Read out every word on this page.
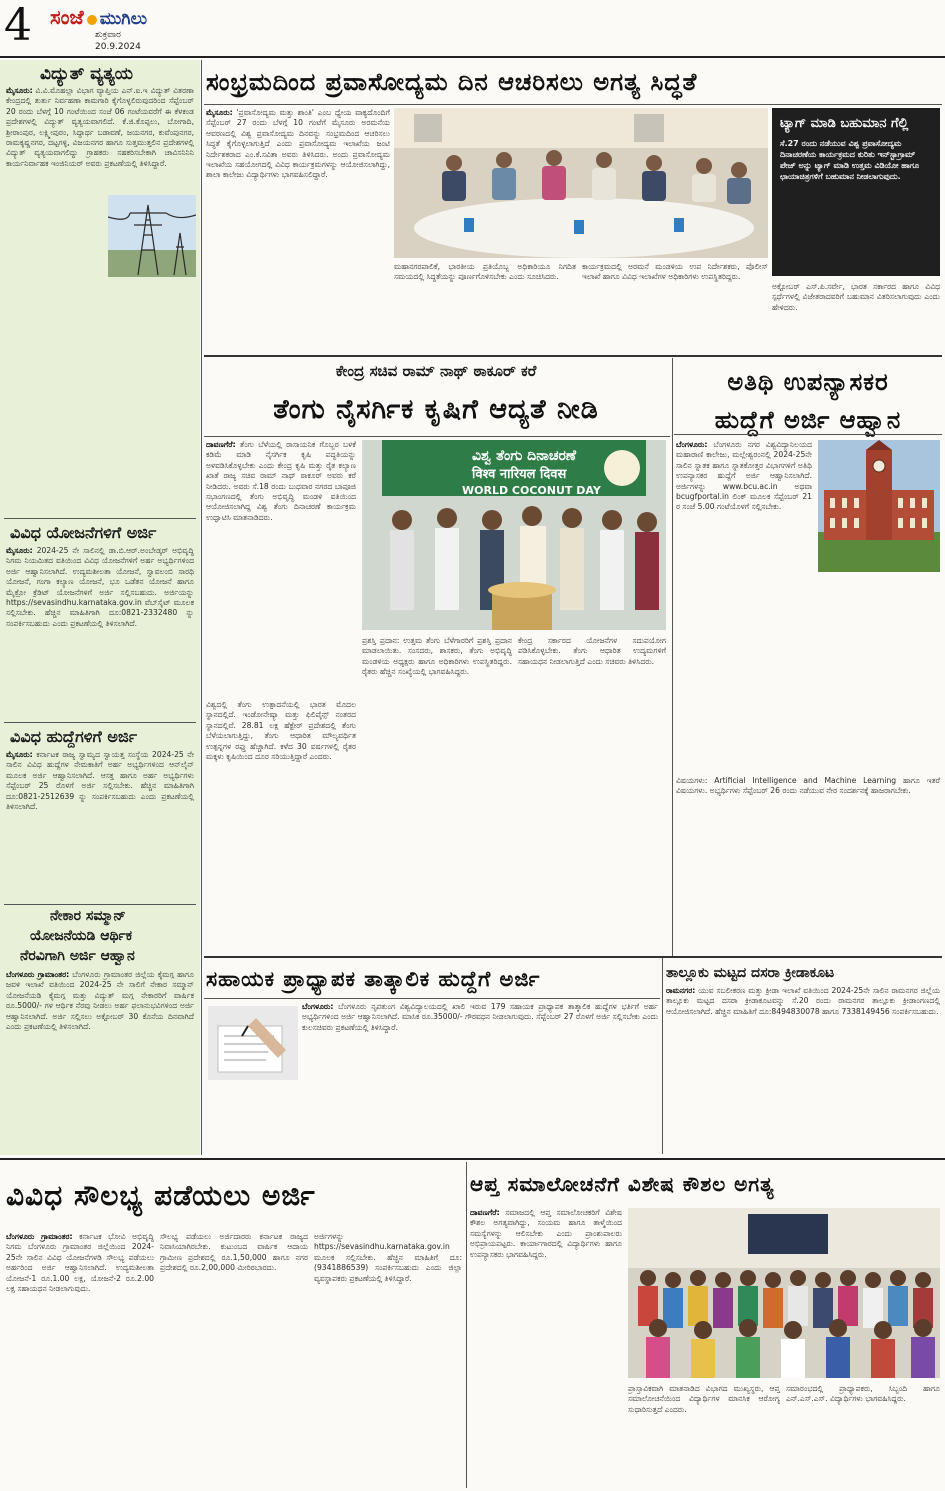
4 ಸಂಜೆ ಮುಗಿಲು
ಶುಕ್ರವಾರ
20.9.2024
ವಿದ್ಯುತ್ ವ್ಯತ್ಯಯ
ಮೈಸೂರು: ವಿ.ವಿ.ಮೊಹಲ್ಲಾ ವಿಭಾಗ ವ್ಯಾಪ್ತಿಯ ಎನ್.ಐ.ಇ ವಿದ್ಯುತ್ ವಿತರಣಾ ಕೇಂದ್ರದಲ್ಲಿ ತುರ್ತು ನಿರ್ವಹಣಾ ಕಾಮಗಾರಿ ಕೈಗೊಳ್ಳಲಿರುವುದರಿಂದ ಸೆಪ್ಟೆಂಬರ್ 20 ರಂದು ಬೆಳಗ್ಗೆ 10 ಗಂಟೆಯಿಂದ ಸಂಜೆ 06 ಗಂಟೆಯವರೆಗೆ ಈ ಕೆಳಕಂಡ ಪ್ರದೇಶಗಳಲ್ಲಿ ವಿದ್ಯುತ್ ವ್ಯತ್ಯಯವಾಗಲಿದೆ. ಕೆ.ಜಿ.ಕೊಪ್ಪಲು, ಬೋಗಾದಿ, ಶ್ರೀರಾಂಪುರ, ಲಕ್ಷ್ಮೀಪುರಂ, ಸಿದ್ಧಾರ್ಥ ಬಡಾವಣೆ, ಜಯನಗರ, ಕುವೆಂಪುನಗರ, ರಾಮಕೃಷ್ಣನಗರ, ದಟ್ಟಗಳ್ಳಿ, ವಿಜಯನಗರ ಹಾಗೂ ಸುತ್ತಮುತ್ತಲಿನ ಪ್ರದೇಶಗಳಲ್ಲಿ ವಿದ್ಯುತ್ ವ್ಯತ್ಯಯವಾಗಲಿದ್ದು ಗ್ರಾಹಕರು ಸಹಕರಿಸಬೇಕಾಗಿ ಚಾವಿಸನಿನಿನಿ ಕಾರ್ಯನಿರ್ವಾಹಕ ಇಂಜಿನಿಯರ್ ಅವರು ಪ್ರಕಟಣೆಯಲ್ಲಿ ತಿಳಿಸಿದ್ದಾರೆ.
ವಿವಿಧ ಯೋಜನೆಗಳಿಗೆ ಅರ್ಜಿ
ಮೈಸೂರು: 2024-25 ನೇ ಸಾಲಿನಲ್ಲಿ ಡಾ.ಬಿ.ಆರ್.ಅಂಬೇಡ್ಕರ್ ಅಭಿವೃದ್ಧಿ ನಿಗಮ ನಿಯಮಿತದ ವತಿಯಿಂದ ವಿವಿಧ ಯೋಜನೆಗಳಿಗೆ ಅರ್ಹ ಅಭ್ಯರ್ಥಿಗಳಿಂದ ಅರ್ಜಿ ಆಹ್ವಾನಿಸಲಾಗಿದೆ. ಉದ್ಯಮಶೀಲತಾ ಯೋಜನೆ, ಸ್ವಾವಲಂಬಿ ಸಾರಥಿ ಯೋಜನೆ, ಗಂಗಾ ಕಲ್ಯಾಣ ಯೋಜನೆ, ಭೂ ಒಡೆತನ ಯೋಜನೆ ಹಾಗೂ ಮೈಕ್ರೋ ಕ್ರೆಡಿಟ್ ಯೋಜನೆಗಳಿಗೆ ಅರ್ಜಿ ಸಲ್ಲಿಸಬಹುದು. ಅರ್ಜಿಯನ್ನು https://sevasindhu.karnataka.gov.in ವೆಬ್‌ಸೈಟ್ ಮೂಲಕ ಸಲ್ಲಿಸಬೇಕು. ಹೆಚ್ಚಿನ ಮಾಹಿತಿಗಾಗಿ ದೂ:0821-2332480 ನ್ನು ಸಂಪರ್ಕಿಸಬಹುದು ಎಂದು ಪ್ರಕಟಣೆಯಲ್ಲಿ ತಿಳಿಸಲಾಗಿದೆ.
ವಿವಿಧ ಹುದ್ದೆಗಳಿಗೆ ಅರ್ಜಿ
ಮೈಸೂರು: ಕರ್ನಾಟಕ ರಾಜ್ಯ ಸ್ವಾಮ್ಯದ ಸ್ವಾಯತ್ತ ಸಂಸ್ಥೆಯ 2024-25 ನೇ ಸಾಲಿನ ವಿವಿಧ ಹುದ್ದೆಗಳ ನೇಮಕಾತಿಗೆ ಅರ್ಹ ಅಭ್ಯರ್ಥಿಗಳಿಂದ ಆನ್‌ಲೈನ್ ಮೂಲಕ ಅರ್ಜಿ ಆಹ್ವಾನಿಸಲಾಗಿದೆ. ಆಸಕ್ತ ಹಾಗೂ ಅರ್ಹ ಅಭ್ಯರ್ಥಿಗಳು ಸೆಪ್ಟೆಂಬರ್ 25 ರೊಳಗೆ ಅರ್ಜಿ ಸಲ್ಲಿಸಬೇಕು. ಹೆಚ್ಚಿನ ಮಾಹಿತಿಗಾಗಿ ದೂ:0821-2512639 ನ್ನು ಸಂಪರ್ಕಿಸಬಹುದು ಎಂದು ಪ್ರಕಟಣೆಯಲ್ಲಿ ತಿಳಿಸಲಾಗಿದೆ.
ನೇಕಾರ ಸಮ್ಮಾನ್
ಯೋಜನೆಯಡಿ ಆರ್ಥಿಕ
ನೆರವಿಗಾಗಿ ಅರ್ಜಿ ಆಹ್ವಾನ
ಬೆಂಗಳೂರು ಗ್ರಾಮಾಂತರ: ಬೆಂಗಳೂರು ಗ್ರಾಮಾಂತರ ಜಿಲ್ಲೆಯ ಕೈಮಗ್ಗ ಹಾಗೂ ಜವಳಿ ಇಲಾಖೆ ವತಿಯಿಂದ 2024-25 ನೇ ಸಾಲಿಗೆ ನೇಕಾರ ಸಮ್ಮಾನ್ ಯೋಜನೆಯಡಿ ಕೈಮಗ್ಗ ಮತ್ತು ವಿದ್ಯುತ್ ಮಗ್ಗ ನೇಕಾರರಿಗೆ ವಾರ್ಷಿಕ ರೂ.5000/- ಗಳ ಆರ್ಥಿಕ ನೆರವು ನೀಡಲು ಅರ್ಹ ಫಲಾನುಭವಿಗಳಿಂದ ಅರ್ಜಿ ಆಹ್ವಾನಿಸಲಾಗಿದೆ. ಅರ್ಜಿ ಸಲ್ಲಿಸಲು ಅಕ್ಟೋಬರ್ 30 ಕೊನೆಯ ದಿನವಾಗಿದೆ ಎಂದು ಪ್ರಕಟಣೆಯಲ್ಲಿ ತಿಳಿಸಲಾಗಿದೆ.
ಸಂಭ್ರಮದಿಂದ ಪ್ರವಾಸೋದ್ಯಮ ದಿನ ಆಚರಿಸಲು ಅಗತ್ಯ ಸಿದ್ಧತೆ
ಮೈಸೂರು: 'ಪ್ರವಾಸೋದ್ಯಮ ಮತ್ತು ಶಾಂತಿ' ಎಂಬ ಧ್ಯೇಯ ವಾಕ್ಯದೊಂದಿಗೆ ಸೆಪ್ಟೆಂಬರ್ 27 ರಂದು ಬೆಳಗ್ಗೆ 10 ಗಂಟೆಗೆ ಮೈಸೂರು ಅರಮನೆಯ ಆವರಣದಲ್ಲಿ ವಿಶ್ವ ಪ್ರವಾಸೋದ್ಯಮ ದಿನವನ್ನು ಸಂಭ್ರಮದಿಂದ ಆಚರಿಸಲು ಸಿದ್ಧತೆ ಕೈಗೊಳ್ಳಲಾಗುತ್ತಿದೆ ಎಂದು ಪ್ರವಾಸೋದ್ಯಮ ಇಲಾಖೆಯ ಜಂಟಿ ನಿರ್ದೇಶಕರಾದ ಎಂ.ಕೆ.ಸವಿತಾ ಅವರು ತಿಳಿಸಿದರು. ಅಂದು ಪ್ರವಾಸೋದ್ಯಮ ಇಲಾಖೆಯ ಸಹಯೋಗದಲ್ಲಿ ವಿವಿಧ ಕಾರ್ಯಕ್ರಮಗಳನ್ನು ಆಯೋಜಿಸಲಾಗಿದ್ದು, ಶಾಲಾ ಕಾಲೇಜು ವಿದ್ಯಾರ್ಥಿಗಳು ಭಾಗವಹಿಸಲಿದ್ದಾರೆ.
ಮಹಾನಗರಪಾಲಿಕೆ, ಭಾರತೀಯ ಪ್ರತಿಯೊಬ್ಬ ಅಧಿಕಾರಿಯೂ ನಿಗದಿತ ಸಮಯದಲ್ಲಿ ಸಿದ್ಧತೆಯನ್ನು ಪೂರ್ಣಗೊಳಿಸಬೇಕು ಎಂದು ಸೂಚಿಸಿದರು.
ಕಾರ್ಯಕ್ರಮದಲ್ಲಿ ಅರಮನೆ ಮಂಡಳಿಯ ಉಪ ನಿರ್ದೇಶಕರು, ಪೊಲೀಸ್ ಇಲಾಖೆ ಹಾಗೂ ವಿವಿಧ ಇಲಾಖೆಗಳ ಅಧಿಕಾರಿಗಳು ಉಪಸ್ಥಿತರಿದ್ದರು.
ಟ್ಯಾಗ್ ಮಾಡಿ ಬಹುಮಾನ ಗೆಲ್ಲಿ
ಸೆ.27 ರಂದು ನಡೆಯುವ ವಿಶ್ವ ಪ್ರವಾಸೋದ್ಯಮ ದಿನಾಚರಣೆಯ ಕಾರ್ಯಕ್ರಮದ ಕುರಿತು ಇನ್‌ಸ್ಟಾಗ್ರಾಮ್ ಪೇಜ್ ಅನ್ನು ಟ್ಯಾಗ್ ಮಾಡಿ ಉತ್ತಮ ವಿಡಿಯೋ ಹಾಗೂ ಛಾಯಾಚಿತ್ರಗಳಿಗೆ ಬಹುಮಾನ ನೀಡಲಾಗುವುದು.
ಅಕ್ಟೋಬರ್ ಎಸ್.ಪಿ.ಸರ್ವೇ, ಭಾರತ ಸರ್ಕಾರದ ಹಾಗೂ ವಿವಿಧ ಸ್ಪರ್ಧೆಗಳಲ್ಲಿ ವಿಜೇತರಾದವರಿಗೆ ಬಹುಮಾನ ವಿತರಿಸಲಾಗುವುದು ಎಂದು ಹೇಳಿದರು.
ಕೇಂದ್ರ ಸಚಿವ ರಾಮ್ ನಾಥ್ ಠಾಕೂರ್ ಕರೆ
ತೆಂಗು ನೈಸರ್ಗಿಕ ಕೃಷಿಗೆ ಆದ್ಯತೆ ನೀಡಿ
ದಾವಣಗೆರೆ: ತೆಂಗು ಬೆಳೆಯಲ್ಲಿ ರಾಸಾಯನಿಕ ಗೊಬ್ಬರ ಬಳಕೆ ಕಡಿಮೆ ಮಾಡಿ ನೈಸರ್ಗಿಕ ಕೃಷಿ ಪದ್ಧತಿಯನ್ನು ಅಳವಡಿಸಿಕೊಳ್ಳಬೇಕು ಎಂದು ಕೇಂದ್ರ ಕೃಷಿ ಮತ್ತು ರೈತ ಕಲ್ಯಾಣ ಖಾತೆ ರಾಜ್ಯ ಸಚಿವ ರಾಮ್ ನಾಥ್ ಠಾಕೂರ್ ಅವರು ಕರೆ ನೀಡಿದರು. ಅವರು ಸೆ.18 ರಂದು ಬುಧವಾರ ನಗರದ ಬಾಪೂಜಿ ಸಭಾಂಗಣದಲ್ಲಿ ತೆಂಗು ಅಭಿವೃದ್ಧಿ ಮಂಡಳಿ ವತಿಯಿಂದ ಆಯೋಜಿಸಲಾಗಿದ್ದ ವಿಶ್ವ ತೆಂಗು ದಿನಾಚರಣೆ ಕಾರ್ಯಕ್ರಮ ಉದ್ಘಾಟಿಸಿ ಮಾತನಾಡಿದರು.
ವಿಶ್ವ ತೆಂಗು ದಿನಾಚರಣೆ
विश्व नारियल दिवस
WORLD COCONUT DAY
ವಿಶ್ವದಲ್ಲಿ ತೆಂಗು ಉತ್ಪಾದನೆಯಲ್ಲಿ ಭಾರತ ಮೊದಲ ಸ್ಥಾನದಲ್ಲಿದೆ. ಇಂಡೋನೇಷ್ಯಾ ಮತ್ತು ಫಿಲಿಪೈನ್ಸ್ ನಂತರದ ಸ್ಥಾನದಲ್ಲಿವೆ. 28.81 ಲಕ್ಷ ಹೆಕ್ಟೇರ್ ಪ್ರದೇಶದಲ್ಲಿ ತೆಂಗು ಬೆಳೆಯಲಾಗುತ್ತಿದ್ದು, ತೆಂಗು ಆಧಾರಿತ ಮೌಲ್ಯವರ್ಧಿತ ಉತ್ಪನ್ನಗಳ ರಫ್ತು ಹೆಚ್ಚಾಗಿದೆ. ಕಳೆದ 30 ವರ್ಷಗಳಲ್ಲಿ ರೈತರ ಮಕ್ಕಳು ಕೃಷಿಯಿಂದ ದೂರ ಸರಿಯುತ್ತಿದ್ದಾರೆ ಎಂದರು.
ಪ್ರಶಸ್ತಿ ಪ್ರದಾನ: ಉತ್ತಮ ತೆಂಗು ಬೆಳೆಗಾರರಿಗೆ ಪ್ರಶಸ್ತಿ ಪ್ರದಾನ ಮಾಡಲಾಯಿತು. ಸಂಸದರು, ಶಾಸಕರು, ತೆಂಗು ಅಭಿವೃದ್ಧಿ ಮಂಡಳಿಯ ಅಧ್ಯಕ್ಷರು ಹಾಗೂ ಅಧಿಕಾರಿಗಳು ಉಪಸ್ಥಿತರಿದ್ದರು. ರೈತರು ಹೆಚ್ಚಿನ ಸಂಖ್ಯೆಯಲ್ಲಿ ಭಾಗವಹಿಸಿದ್ದರು.
ಕೇಂದ್ರ ಸರ್ಕಾರದ ಯೋಜನೆಗಳ ಸದುಪಯೋಗ ಪಡಿಸಿಕೊಳ್ಳಬೇಕು. ತೆಂಗು ಆಧಾರಿತ ಉದ್ಯಮಗಳಿಗೆ ಸಹಾಯಧನ ನೀಡಲಾಗುತ್ತಿದೆ ಎಂದು ಸಚಿವರು ತಿಳಿಸಿದರು.
ಅತಿಥಿ ಉಪನ್ಯಾಸಕರ
ಹುದ್ದೆಗೆ ಅರ್ಜಿ ಆಹ್ವಾನ
ಬೆಂಗಳೂರು: ಬೆಂಗಳೂರು ನಗರ ವಿಶ್ವವಿದ್ಯಾನಿಲಯದ ಮಹಾರಾಣಿ ಕಾಲೇಜು, ಮಲ್ಲೇಶ್ವರಂನಲ್ಲಿ 2024-25ನೇ ಸಾಲಿನ ಸ್ನಾತಕ ಹಾಗೂ ಸ್ನಾತಕೋತ್ತರ ವಿಭಾಗಗಳಿಗೆ ಅತಿಥಿ ಉಪನ್ಯಾಸಕರ ಹುದ್ದೆಗೆ ಅರ್ಜಿ ಆಹ್ವಾನಿಸಲಾಗಿದೆ. ಅರ್ಜಿಗಳನ್ನು www.bcu.ac.in ಅಥವಾ bcugfportal.in ಲಿಂಕ್ ಮೂಲಕ ಸೆಪ್ಟೆಂಬರ್ 21 ರ ಸಂಜೆ 5.00 ಗಂಟೆಯೊಳಗೆ ಸಲ್ಲಿಸಬೇಕು.
ವಿಷಯಗಳು: Artificial Intelligence and Machine Learning ಹಾಗೂ ಇತರೆ ವಿಷಯಗಳು. ಅಭ್ಯರ್ಥಿಗಳು ಸೆಪ್ಟೆಂಬರ್ 26 ರಂದು ನಡೆಯುವ ನೇರ ಸಂದರ್ಶನಕ್ಕೆ ಹಾಜರಾಗಬೇಕು.
ಸಹಾಯಕ ಪ್ರಾಧ್ಯಾಪಕ ತಾತ್ಕಾಲಿಕ ಹುದ್ದೆಗೆ ಅರ್ಜಿ
ಬೆಂಗಳೂರು: ಬೆಂಗಳೂರು ನೃಪತುಂಗ ವಿಶ್ವವಿದ್ಯಾಲಯದಲ್ಲಿ ಖಾಲಿ ಇರುವ 179 ಸಹಾಯಕ ಪ್ರಾಧ್ಯಾಪಕ ತಾತ್ಕಾಲಿಕ ಹುದ್ದೆಗಳ ಭರ್ತಿಗೆ ಅರ್ಹ ಅಭ್ಯರ್ಥಿಗಳಿಂದ ಅರ್ಜಿ ಆಹ್ವಾನಿಸಲಾಗಿದೆ. ಮಾಸಿಕ ರೂ.35000/- ಗೌರವಧನ ನೀಡಲಾಗುವುದು. ಸೆಪ್ಟೆಂಬರ್ 27 ರೊಳಗೆ ಅರ್ಜಿ ಸಲ್ಲಿಸಬೇಕು ಎಂದು ಕುಲಸಚಿವರು ಪ್ರಕಟಣೆಯಲ್ಲಿ ತಿಳಿಸಿದ್ದಾರೆ.
ತಾಲ್ಲೂಕು ಮಟ್ಟದ ದಸರಾ ಕ್ರೀಡಾಕೂಟ
ರಾಮನಗರ: ಯುವ ಸಬಲೀಕರಣ ಮತ್ತು ಕ್ರೀಡಾ ಇಲಾಖೆ ವತಿಯಿಂದ 2024-25ನೇ ಸಾಲಿನ ರಾಮನಗರ ಜಿಲ್ಲೆಯ ತಾಲ್ಲೂಕು ಮಟ್ಟದ ದಸರಾ ಕ್ರೀಡಾಕೂಟವನ್ನು ಸೆ.20 ರಂದು ರಾಮನಗರ ತಾಲ್ಲೂಕು ಕ್ರೀಡಾಂಗಣದಲ್ಲಿ ಆಯೋಜಿಸಲಾಗಿದೆ. ಹೆಚ್ಚಿನ ಮಾಹಿತಿಗೆ ದೂ:8494830078 ಹಾಗೂ 7338149456 ಸಂಪರ್ಕಿಸಬಹುದು.
ವಿವಿಧ ಸೌಲಭ್ಯ ಪಡೆಯಲು ಅರ್ಜಿ
ಬೆಂಗಳೂರು ಗ್ರಾಮಾಂತರ: ಕರ್ನಾಟಕ ಭೋವಿ ಅಭಿವೃದ್ಧಿ ನಿಗಮ ಬೆಂಗಳೂರು ಗ್ರಾಮಾಂತರ ಜಿಲ್ಲೆಯಿಂದ 2024-25ನೇ ಸಾಲಿನ ವಿವಿಧ ಯೋಜನೆಗಳಡಿ ಸೌಲಭ್ಯ ಪಡೆಯಲು ಅರ್ಹರಿಂದ ಅರ್ಜಿ ಆಹ್ವಾನಿಸಲಾಗಿದೆ. ಉದ್ಯಮಶೀಲತಾ ಯೋಜನೆ-1 ರೂ.1.00 ಲಕ್ಷ, ಯೋಜನೆ-2 ರೂ.2.00 ಲಕ್ಷ ಸಹಾಯಧನ ನೀಡಲಾಗುವುದು.
ಸೌಲಭ್ಯ ಪಡೆಯಲು ಅರ್ಜಿದಾರರು ಕರ್ನಾಟಕ ರಾಜ್ಯದ ನಿವಾಸಿಯಾಗಿರಬೇಕು. ಕುಟುಂಬದ ವಾರ್ಷಿಕ ಆದಾಯ ಗ್ರಾಮೀಣ ಪ್ರದೇಶದಲ್ಲಿ ರೂ.1,50,000 ಹಾಗೂ ನಗರ ಪ್ರದೇಶದಲ್ಲಿ ರೂ.2,00,000 ಮೀರಿರಬಾರದು.
ಅರ್ಜಿಗಳನ್ನು https://sevasindhu.karnataka.gov.in ಮೂಲಕ ಸಲ್ಲಿಸಬೇಕು. ಹೆಚ್ಚಿನ ಮಾಹಿತಿಗೆ ದೂ: (9341886539) ಸಂಪರ್ಕಿಸಬಹುದು ಎಂದು ಜಿಲ್ಲಾ ವ್ಯವಸ್ಥಾಪಕರು ಪ್ರಕಟಣೆಯಲ್ಲಿ ತಿಳಿಸಿದ್ದಾರೆ.
ಆಪ್ತ ಸಮಾಲೋಚನೆಗೆ ವಿಶೇಷ ಕೌಶಲ ಅಗತ್ಯ
ದಾವಣಗೆರೆ: ಸಮಾಜದಲ್ಲಿ ಆಪ್ತ ಸಮಾಲೋಚಕರಿಗೆ ವಿಶೇಷ ಕೌಶಲ ಅಗತ್ಯವಾಗಿದ್ದು, ಸಂಯಮ ಹಾಗೂ ತಾಳ್ಮೆಯಿಂದ ಸಮಸ್ಯೆಗಳನ್ನು ಆಲಿಸಬೇಕು ಎಂದು ಪ್ರಾಂಶುಪಾಲರು ಅಭಿಪ್ರಾಯಪಟ್ಟರು. ಕಾರ್ಯಾಗಾರದಲ್ಲಿ ವಿದ್ಯಾರ್ಥಿಗಳು ಹಾಗೂ ಉಪನ್ಯಾಸಕರು ಭಾಗವಹಿಸಿದ್ದರು.
ಪ್ರಾಸ್ತಾವಿಕವಾಗಿ ಮಾತನಾಡಿದ ವಿಭಾಗದ ಮುಖ್ಯಸ್ಥರು, ಆಪ್ತ ಸಮಾಲೋಚನೆಯಿಂದ ವಿದ್ಯಾರ್ಥಿಗಳ ಮಾನಸಿಕ ಆರೋಗ್ಯ ಸುಧಾರಿಸುತ್ತದೆ ಎಂದರು.
ಸಮಾರಂಭದಲ್ಲಿ ಪ್ರಾಧ್ಯಾಪಕರು, ಸಿಬ್ಬಂದಿ ಹಾಗೂ ಎನ್.ಎಸ್.ಎಸ್. ವಿದ್ಯಾರ್ಥಿಗಳು ಭಾಗವಹಿಸಿದ್ದರು.
